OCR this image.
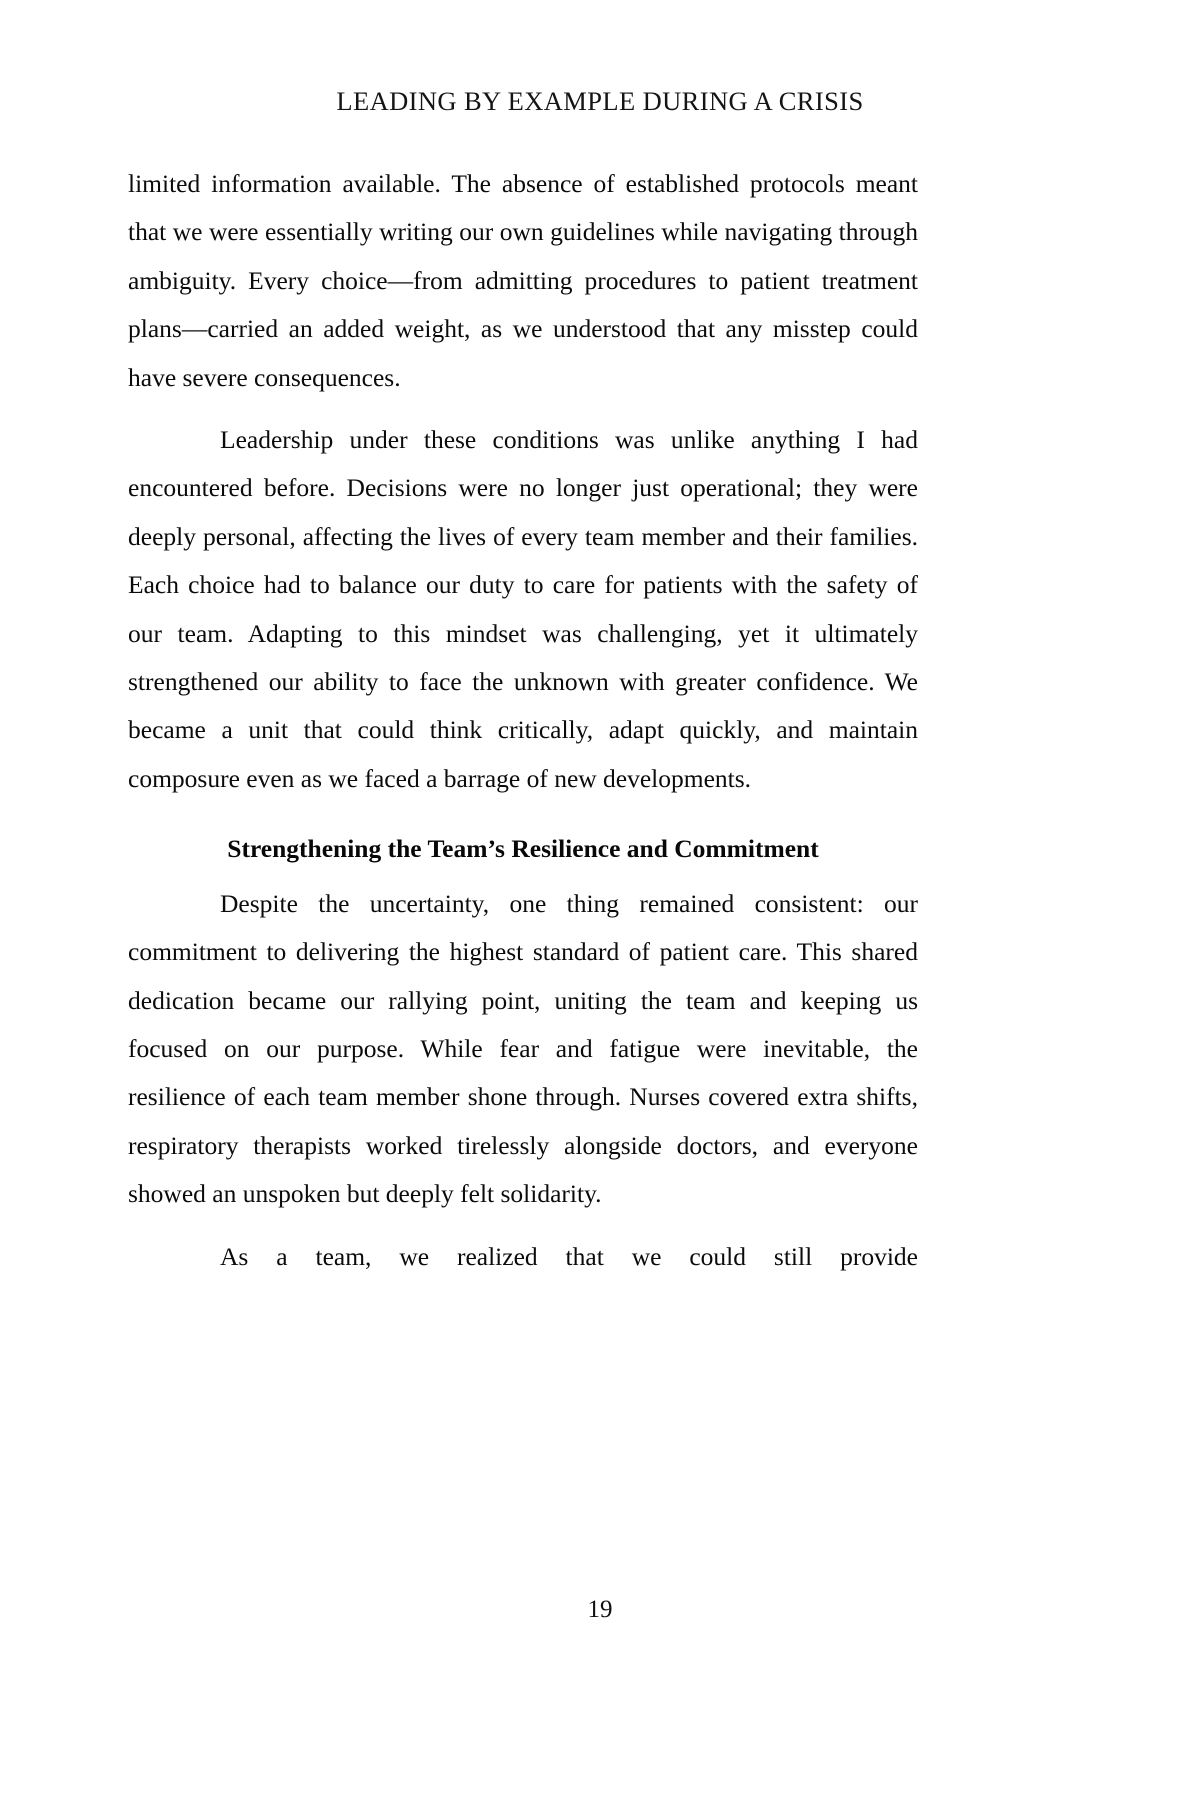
LEADING BY EXAMPLE DURING A CRISIS

limited information available. The absence of established protocols meant that we were essentially writing our own guidelines while navigating through ambiguity. Every choice—from admitting procedures to patient treatment plans—carried an added weight, as we understood that any misstep could have severe consequences.

Leadership under these conditions was unlike anything I had encountered before. Decisions were no longer just operational; they were deeply personal, affecting the lives of every team member and their families. Each choice had to balance our duty to care for patients with the safety of our team. Adapting to this mindset was challenging, yet it ultimately strengthened our ability to face the unknown with greater confidence. We became a unit that could think critically, adapt quickly, and maintain composure even as we faced a barrage of new developments.

Strengthening the Team’s Resilience and Commitment

Despite the uncertainty, one thing remained consistent: our commitment to delivering the highest standard of patient care. This shared dedication became our rallying point, uniting the team and keeping us focused on our purpose. While fear and fatigue were inevitable, the resilience of each team member shone through. Nurses covered extra shifts, respiratory therapists worked tirelessly alongside doctors, and everyone showed an unspoken but deeply felt solidarity.

As a team, we realized that we could still provide

19
